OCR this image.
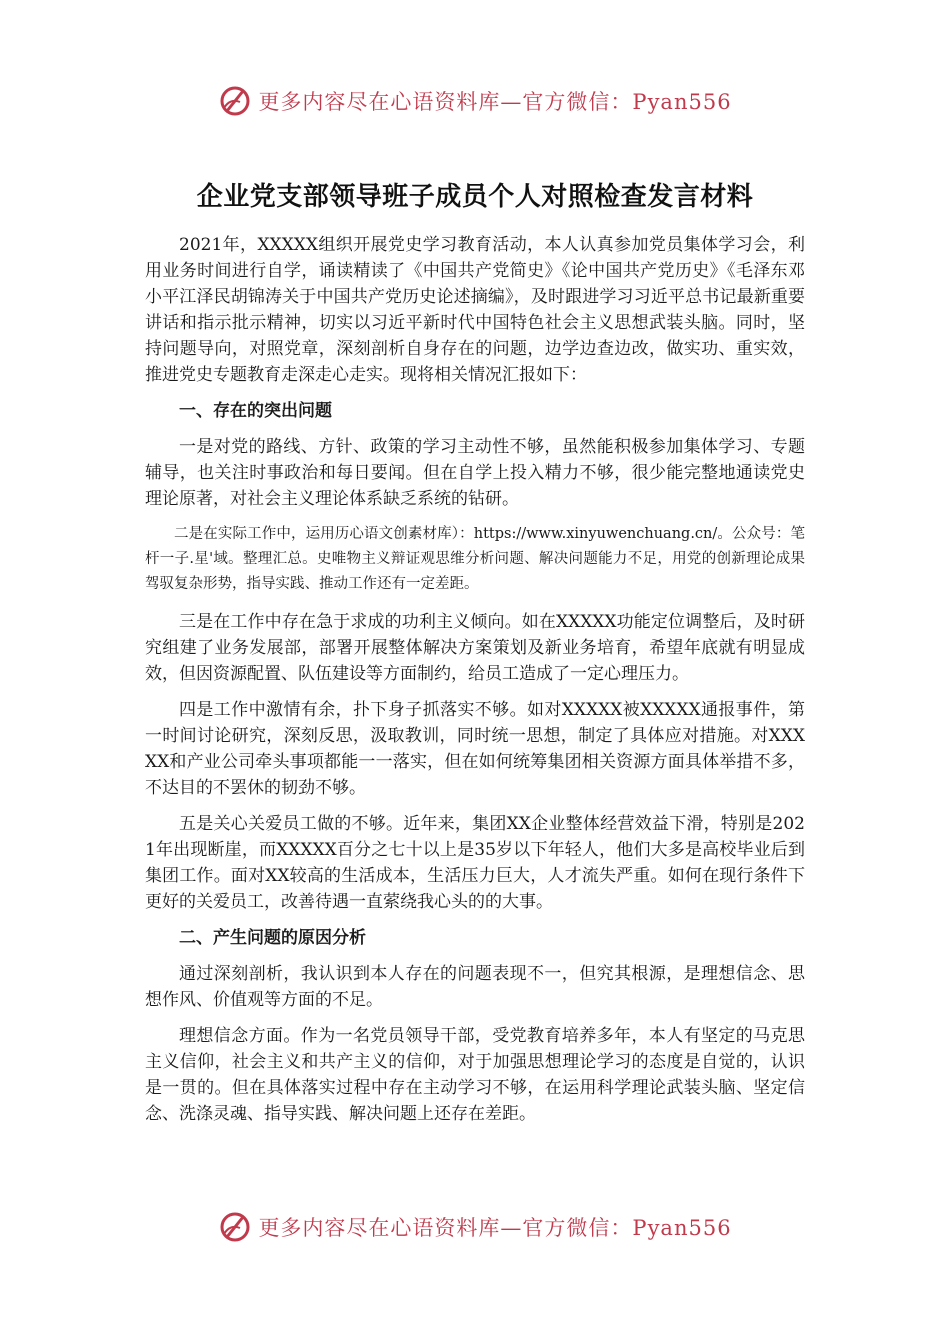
更多内容尽在心语资料库—官方微信：Pyan556
企业党支部领导班子成员个人对照检查发言材料

2021年，XXXXX组织开展党史学习教育活动，本人认真参加党员集体学习会，利用业务时间进行自学，诵读精读了《中国共产党简史》《论中国共产党历史》《毛泽东邓小平江泽民胡锦涛关于中国共产党历史论述摘编》，及时跟进学习习近平总书记最新重要讲话和指示批示精神，切实以习近平新时代中国特色社会主义思想武装头脑。同时，坚持问题导向，对照党章，深刻剖析自身存在的问题，边学边查边改，做实功、重实效，推进党史专题教育走深走心走实。现将相关情况汇报如下：

一、存在的突出问题

一是对党的路线、方针、政策的学习主动性不够，虽然能积极参加集体学习、专题辅导，也关注时事政治和每日要闻。但在自学上投入精力不够，很少能完整地通读党史理论原著，对社会主义理论体系缺乏系统的钻研。

二是在实际工作中，运用历心语文创素材库）：https://www.xinyuwenchuang.cn/。公众号：笔杆一子.星'域。整理汇总。史唯物主义辩证观思维分析问题、解决问题能力不足，用党的创新理论成果驾驭复杂形势，指导实践、推动工作还有一定差距。

三是在工作中存在急于求成的功利主义倾向。如在XXXXX功能定位调整后，及时研究组建了业务发展部，部署开展整体解决方案策划及新业务培育，希望年底就有明显成效，但因资源配置、队伍建设等方面制约，给员工造成了一定心理压力。

四是工作中激情有余，扑下身子抓落实不够。如对XXXXX被XXXXX通报事件，第一时间讨论研究，深刻反思，汲取教训，同时统一思想，制定了具体应对措施。对XXXXX和产业公司牵头事项都能一一落实，但在如何统筹集团相关资源方面具体举措不多，不达目的不罢休的韧劲不够。

五是关心关爱员工做的不够。近年来，集团XX企业整体经营效益下滑，特别是2021年出现断崖，而XXXXX百分之七十以上是35岁以下年轻人，他们大多是高校毕业后到集团工作。面对XX较高的生活成本，生活压力巨大，人才流失严重。如何在现行条件下更好的关爱员工，改善待遇一直萦绕我心头的的大事。

二、产生问题的原因分析

通过深刻剖析，我认识到本人存在的问题表现不一，但究其根源，是理想信念、思想作风、价值观等方面的不足。

理想信念方面。作为一名党员领导干部，受党教育培养多年，本人有坚定的马克思主义信仰，社会主义和共产主义的信仰，对于加强思想理论学习的态度是自觉的，认识是一贯的。但在具体落实过程中存在主动学习不够，在运用科学理论武装头脑、坚定信念、洗涤灵魂、指导实践、解决问题上还存在差距。

更多内容尽在心语资料库—官方微信：Pyan556
